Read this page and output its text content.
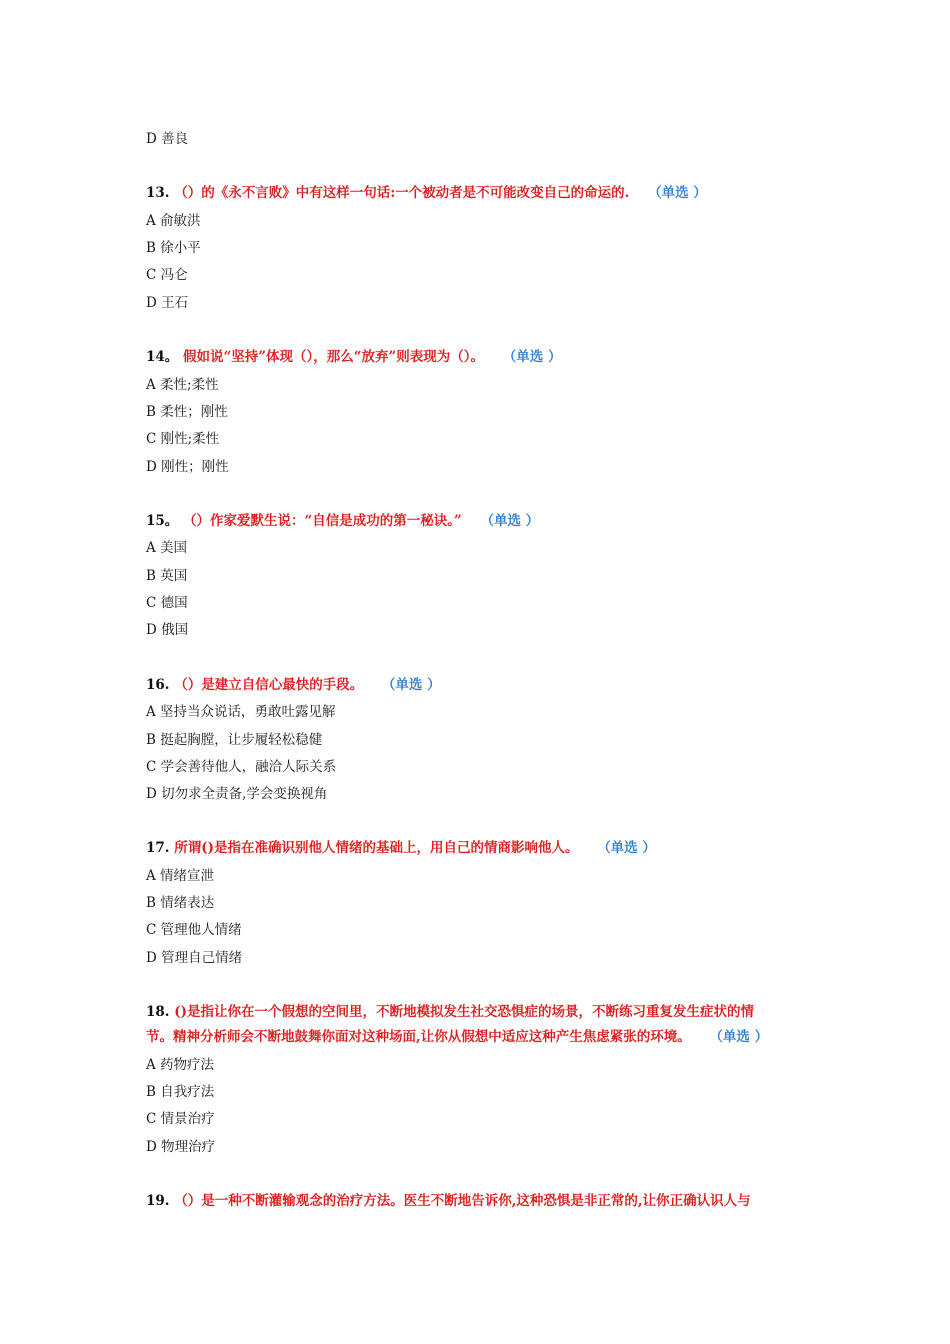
D 善良
13. （）的《永不言败》中有这样一句话:一个被动者是不可能改变自己的命运的. （单选 ）
A 俞敏洪
B 徐小平
C 冯仑
D 王石
14。 假如说“坚持”体现（），那么“放弃”则表现为（）。 （单选 ）
A 柔性;柔性
B 柔性；刚性
C 刚性;柔性
D 刚性；刚性
15。 （）作家爱默生说：“自信是成功的第一秘诀。” （单选 ）
A 美国
B 英国
C 德国
D 俄国
16. （）是建立自信心最快的手段。 （单选 ）
A 坚持当众说话，勇敢吐露见解
B 挺起胸膛，让步履轻松稳健
C 学会善待他人，融洽人际关系
D 切勿求全责备,学会变换视角
17. 所谓()是指在准确识别他人情绪的基础上，用自己的情商影响他人。 （单选 ）
A 情绪宣泄
B 情绪表达
C 管理他人情绪
D 管理自己情绪
18. ()是指让你在一个假想的空间里，不断地模拟发生社交恐惧症的场景，不断练习重复发生症状的情
节。精神分析师会不断地鼓舞你面对这种场面,让你从假想中适应这种产生焦虑紧张的环境。 （单选 ）
A 药物疗法
B 自我疗法
C 情景治疗
D 物理治疗
19. （）是一种不断灌输观念的治疗方法。医生不断地告诉你,这种恐惧是非正常的,让你正确认识人与
